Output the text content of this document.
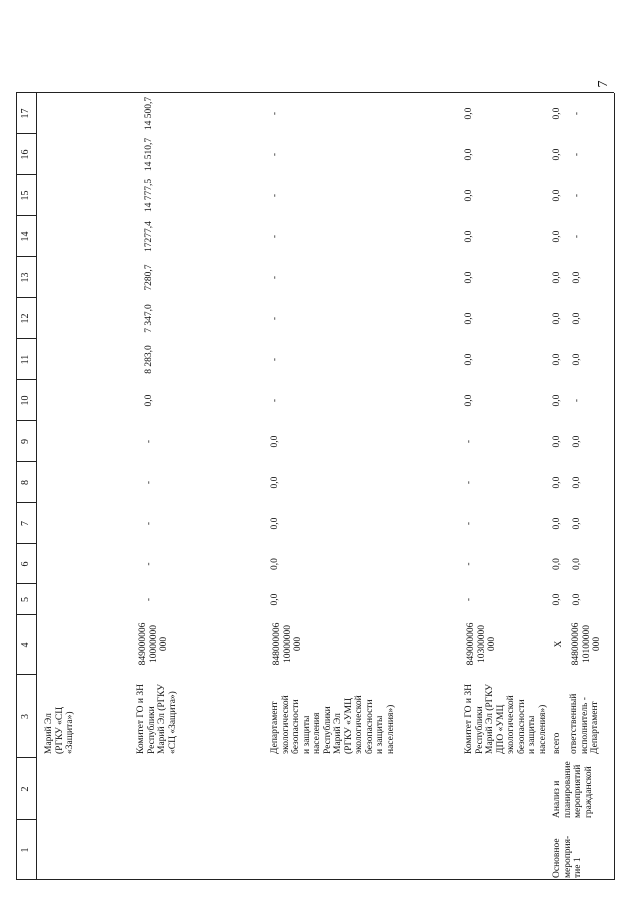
7
1
2
3
4
5
6
7
8
9
10
11
12
13
14
15
16
17
Марий Эл
(РГКУ «СЦ
«Защита»)	Комитет ГО и ЗН
Республики
Марий Эл (РГКУ
«СЦ «Защита»)
849000006
10000000
000
-
-
-
-
-
0,0
8 283,0
7 347,0
7280,7
17277,4
14 777,5
14 510,7
14 500,7
Департамент
экологической
безопасности
и защиты
населения
Республики
Марий Эл
(РГКУ «УМЦ
экологической
безопасности
и защиты
населения»)
848000006
10000000
000
0,0
0,0
0,0
0,0
0,0
-
-
-
-
-
-
-
-
Комитет ГО и ЗН
Республики
Марий Эл (РГКУ
ДПО «УМЦ
экологической
безопасности
и защиты
населения»)
849000006
10300000
000
-
-
-
-
-
0,0
0,0
0,0
0,0
0,0
0,0
0,0
0,0
Основное
мероприя-
тие 1
Анализ и
планирование
мероприятий
гражданской
всего
Х
0,0
0,0
0,0
0,0
0,0
0,0
0,0
0,0
0,0
0,0
0,0
0,0
0,0
ответственный
исполнитель -
Департамент
848000006
10100000
000
0,0
0,0
0,0
0,0
0,0
-
0,0
0,0
0,0
-
-
-
-
